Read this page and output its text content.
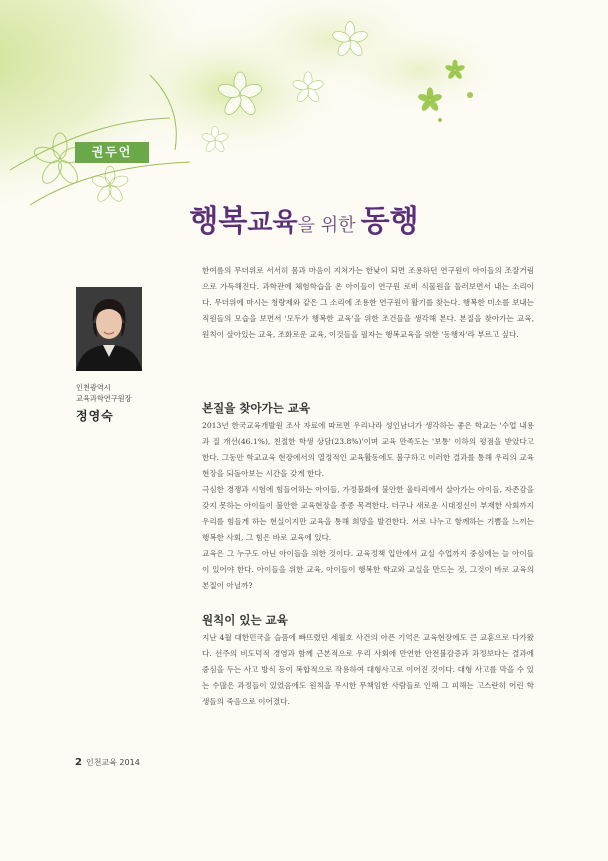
권두언
행복교육을 위한 동행
인천광역시
교육과학연구원장
정영숙

한여름의 무더위로 서서히 몸과 마음이 지쳐가는 한낮이 되면 조용하던 연구원이 아이들의 조잘거림으로 가득해진다. 과학관에 체험학습을 온 아이들이 연구원 로비 식물원을 둘러보면서 내는 소리이다. 무더위에 마시는 청량제와 같은 그 소리에 조용한 연구원이 활기를 찾는다. 행복한 미소를 보내는 직원들의 모습을 보면서 '모두가 행복한 교육'을 위한 조건들을 생각해 본다. 본질을 찾아가는 교육, 원칙이 살아있는 교육, 조화로운 교육, 이것들을 필자는 행복교육을 위한 '동행자'라 부르고 싶다.

본질을 찾아가는 교육

2013년 한국교육개발원 조사 자료에 따르면 우리나라 성인남녀가 생각하는 좋은 학교는 '수업 내용과 질 개선(46.1%), 친절한 학생 상담(23.8%)'이며 교육 만족도는 '보통' 이하의 평점을 받았다고 한다. 그동안 학교교육 현장에서의 열정적인 교육활동에도 불구하고 이러한 결과를 통해 우리의 교육 현장을 되돌아보는 시간을 갖게 한다.

극심한 경쟁과 시험에 힘들어하는 아이들, 가정불화에 불안한 울타리에서 살아가는 아이들, 자존감을 갖지 못하는 아이들이 불안한 교육현장을 종종 목격한다. 더구나 새로운 시대정신이 부재한 사회까지 우리를 힘들게 하는 현실이지만 교육을 통해 희망을 발견한다. 서로 나누고 함께하는 기쁨을 느끼는 행복한 사회, 그 힘은 바로 교육에 있다.

교육은 그 누구도 아닌 아이들을 위한 것이다. 교육정책 입안에서 교실 수업까지 중심에는 늘 아이들이 있어야 한다. 아이들을 위한 교육, 아이들이 행복한 학교와 교실을 만드는 것, 그것이 바로 교육의 본질이 아닐까?

원칙이 있는 교육

지난 4월 대한민국을 슬픔에 빠뜨렸던 세월호 사건의 아픈 기억은 교육현장에도 큰 교훈으로 다가왔다. 선주의 비도덕적 경영과 함께 근본적으로 우리 사회에 만연한 안전불감증과 과정보다는 결과에 중심을 두는 사고 방식 등이 복합적으로 작용하여 대형사고로 이어진 것이다. 대형 사고를 막을 수 있는 수많은 과정들이 있었음에도 원칙을 무시한 무책임한 사람들로 인해 그 피해는 고스란히 어린 학생들의 죽음으로 이어졌다.

2 인천교육 2014
